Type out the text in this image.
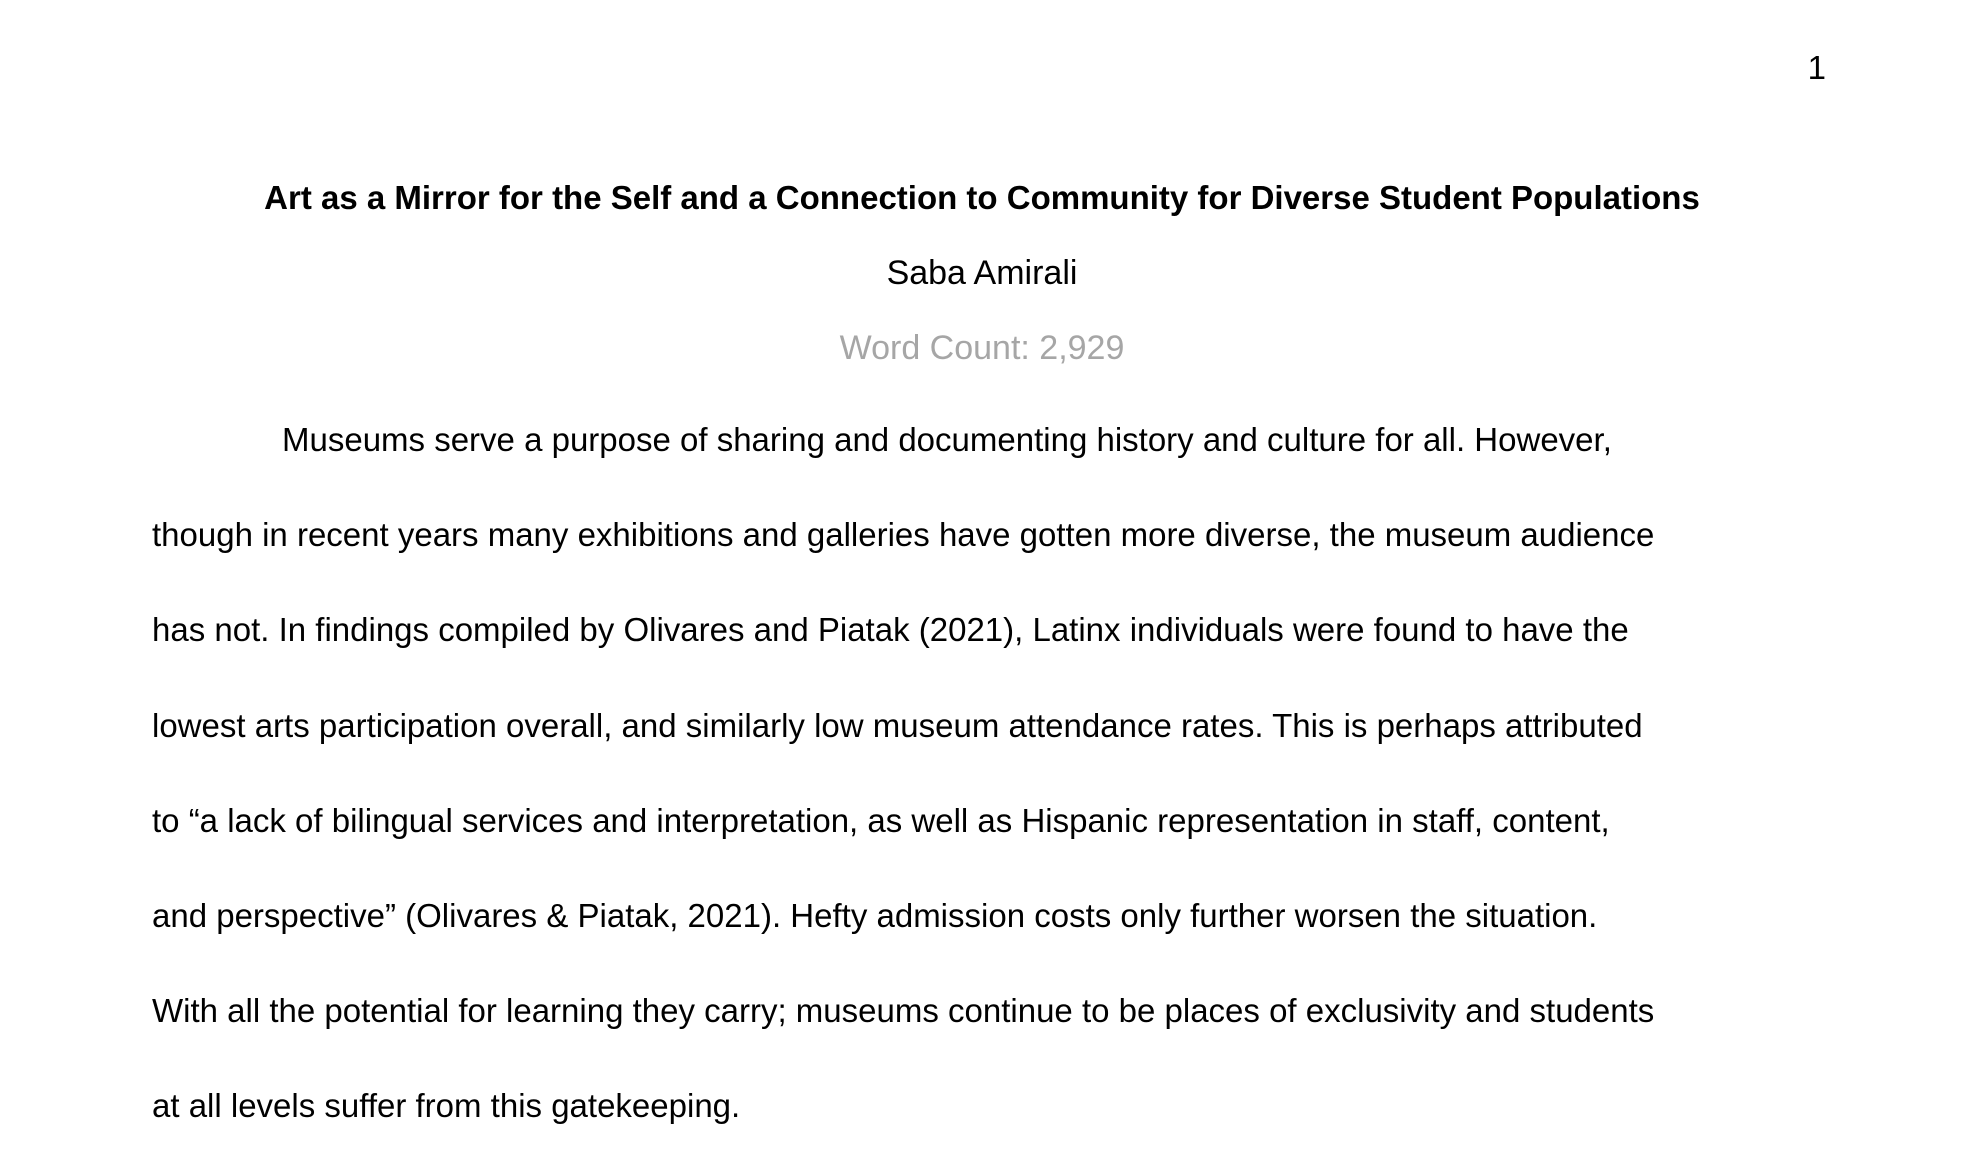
1
Art as a Mirror for the Self and a Connection to Community for Diverse Student Populations
Saba Amirali
Word Count: 2,929
Museums serve a purpose of sharing and documenting history and culture for all. However,
though in recent years many exhibitions and galleries have gotten more diverse, the museum audience
has not. In findings compiled by Olivares and Piatak (2021), Latinx individuals were found to have the
lowest arts participation overall, and similarly low museum attendance rates. This is perhaps attributed
to “a lack of bilingual services and interpretation, as well as Hispanic representation in staff, content,
and perspective” (Olivares & Piatak, 2021). Hefty admission costs only further worsen the situation.
With all the potential for learning they carry; museums continue to be places of exclusivity and students
at all levels suffer from this gatekeeping.
